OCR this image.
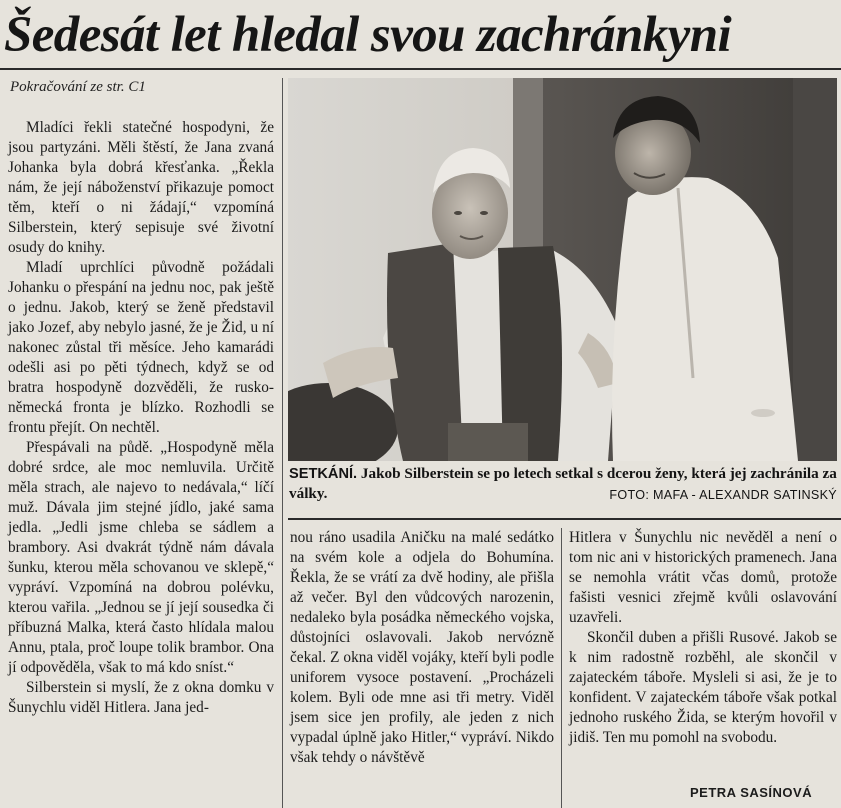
Šedesát let hledal svou zachránkyni
Pokračování ze str. C1

Mladíci řekli statečné hospodyni, že jsou partyzáni. Měli štěstí, že Jana zvaná Johanka byla dobrá křesťanka. „Řekla nám, že její náboženství přikazuje pomoct těm, kteří o ni žádají,“ vzpomíná Silberstein, který sepisuje své životní osudy do knihy.

Mladí uprchlíci původně požádali Johanku o přespání na jednu noc, pak ještě o jednu. Jakob, který se ženě představil jako Jozef, aby nebylo jasné, že je Žid, u ní nakonec zůstal tři měsíce. Jeho kamarádi odešli asi po pěti týdnech, když se od bratra hospodyně dozvěděli, že rusko-německá fronta je blízko. Rozhodli se frontu přejít. On nechtěl.

Přespávali na půdě. „Hospodyně měla dobré srdce, ale moc nemluvila. Určitě měla strach, ale najevo to nedávala,“ líčí muž. Dávala jim stejné jídlo, jaké sama jedla. „Jedli jsme chleba se sádlem a brambory. Asi dvakrát týdně nám dávala šunku, kterou měla schovanou ve sklepě,“ vypráví. Vzpomíná na dobrou polévku, kterou vařila. „Jednou se jí její sousedka či příbuzná Malka, která často hlídala malou Annu, ptala, proč loupe tolik brambor. Ona jí odpověděla, však to má kdo sníst.“

Silberstein si myslí, že z okna domku v Šunychlu viděl Hitlera. Jana jed-

SETKÁNÍ. Jakob Silberstein se po letech setkal s dcerou ženy, která jej zachránila za války.	FOTO: MAFA - ALEXANDR SATINSKÝ

nou ráno usadila Aničku na malé sedátko na svém kole a odjela do Bohumína. Řekla, že se vrátí za dvě hodiny, ale přišla až večer. Byl den vůdcových narozenin, nedaleko byla posádka německého vojska, důstojníci oslavovali. Jakob nervózně čekal. Z okna viděl vojáky, kteří byli podle uniforem vysoce postavení. „Procházeli kolem. Byli ode mne asi tři metry. Viděl jsem sice jen profily, ale jeden z nich vypadal úplně jako Hitler,“ vypráví. Nikdo však tehdy o návštěvě

Hitlera v Šunychlu nic nevěděl a není o tom nic ani v historických pramenech. Jana se nemohla vrátit včas domů, protože fašisti vesnici zřejmě kvůli oslavování uzavřeli.

Skončil duben a přišli Rusové. Jakob se k nim radostně rozběhl, ale skončil v zajateckém táboře. Mysleli si asi, že je to konfident. V zajateckém táboře však potkal jednoho ruského Žida, se kterým hovořil v jidiš. Ten mu pomohl na svobodu.

PETRA SASÍNOVÁ
